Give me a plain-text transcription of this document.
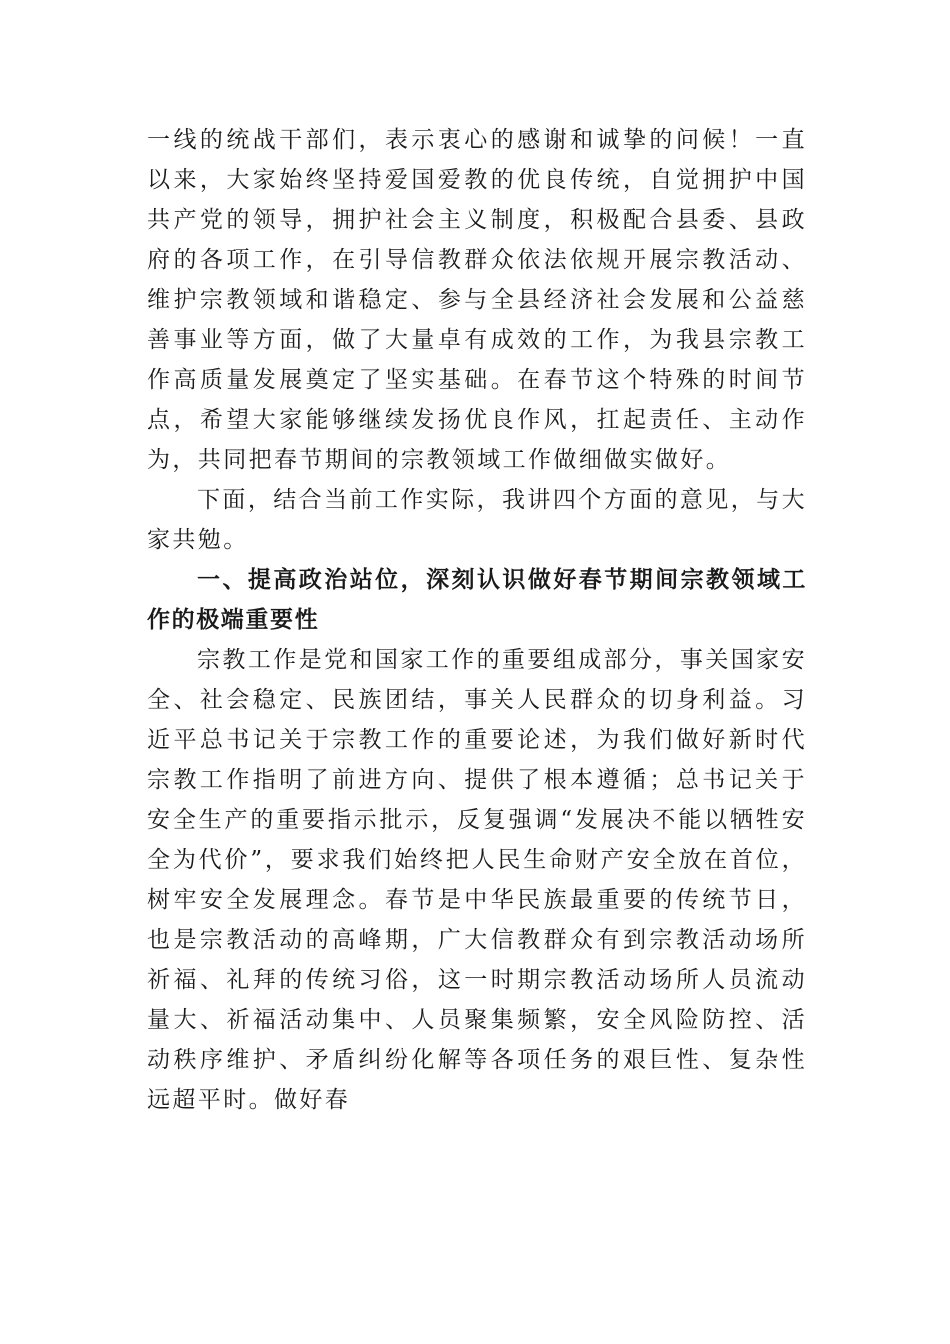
一线的统战干部们，表示衷心的感谢和诚挚的问候！一直以来，大家始终坚持爱国爱教的优良传统，自觉拥护中国共产党的领导，拥护社会主义制度，积极配合县委、县政府的各项工作，在引导信教群众依法依规开展宗教活动、维护宗教领域和谐稳定、参与全县经济社会发展和公益慈善事业等方面，做了大量卓有成效的工作，为我县宗教工作高质量发展奠定了坚实基础。在春节这个特殊的时间节点，希望大家能够继续发扬优良作风，扛起责任、主动作为，共同把春节期间的宗教领域工作做细做实做好。

下面，结合当前工作实际，我讲四个方面的意见，与大家共勉。

一、提高政治站位，深刻认识做好春节期间宗教领域工作的极端重要性

宗教工作是党和国家工作的重要组成部分，事关国家安全、社会稳定、民族团结，事关人民群众的切身利益。习近平总书记关于宗教工作的重要论述，为我们做好新时代宗教工作指明了前进方向、提供了根本遵循；总书记关于安全生产的重要指示批示，反复强调“发展决不能以牺牲安全为代价”，要求我们始终把人民生命财产安全放在首位，树牢安全发展理念。春节是中华民族最重要的传统节日，也是宗教活动的高峰期，广大信教群众有到宗教活动场所祈福、礼拜的传统习俗，这一时期宗教活动场所人员流动量大、祈福活动集中、人员聚集频繁，安全风险防控、活动秩序维护、矛盾纠纷化解等各项任务的艰巨性、复杂性远超平时。做好春
